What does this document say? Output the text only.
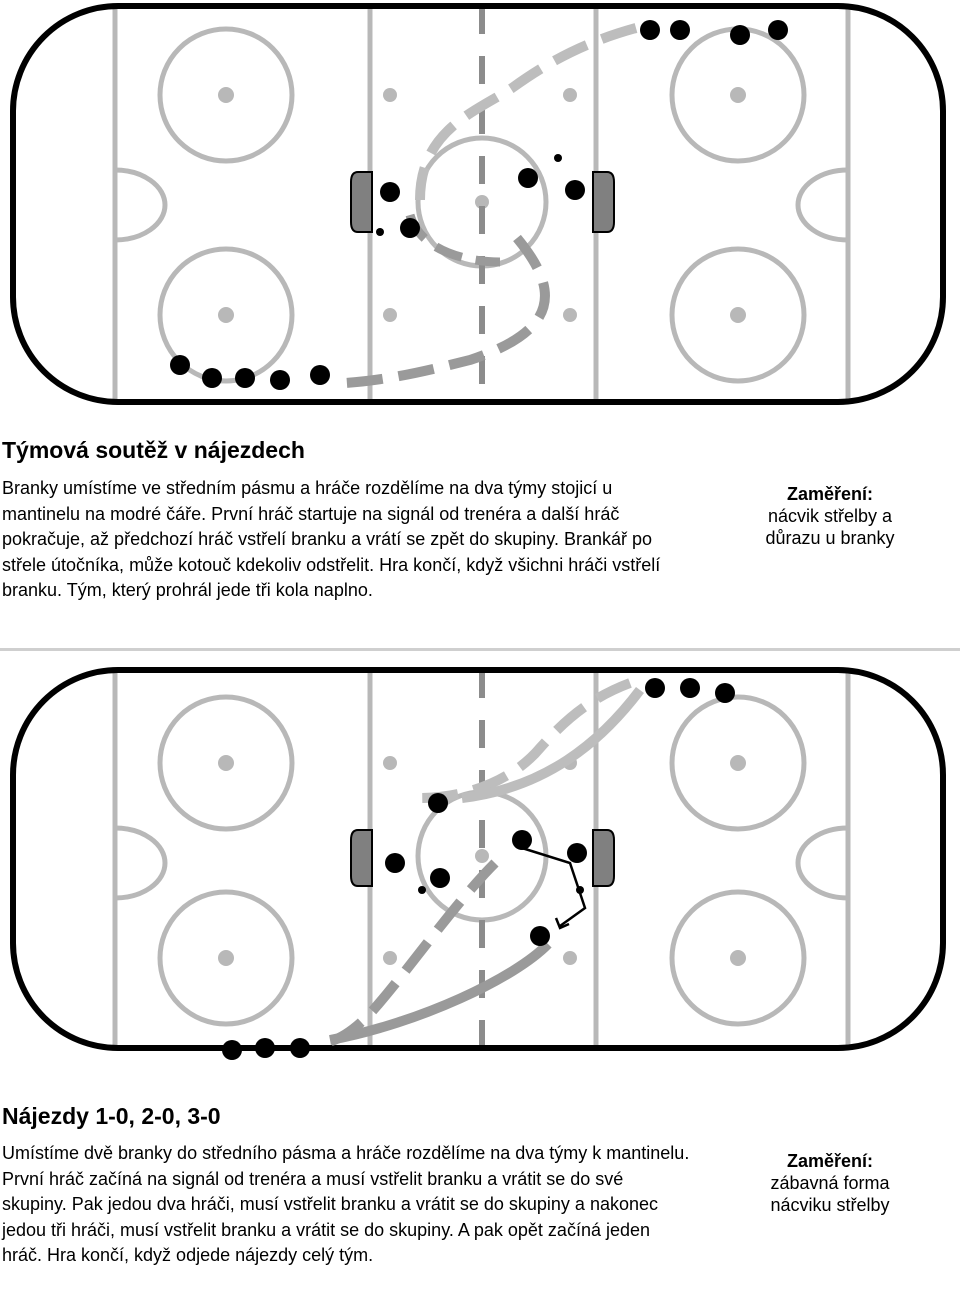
Týmová soutěž v nájezdech

Branky umístíme ve středním pásmu a hráče rozdělíme na dva týmy stojicí u mantinelu na modré čáře. První hráč startuje na signál od trenéra a další hráč pokračuje, až předchozí hráč vstřelí branku a vrátí se zpět do skupiny. Brankář po střele útočníka, může kotouč kdekoliv odstřelit. Hra končí, když všichni hráči vstřelí branku. Tým, který prohrál jede tři kola naplno.

Zaměření:
nácvik střelby a důrazu u branky
Nájezdy 1-0, 2-0, 3-0

Umístíme dvě branky do středního pásma a hráče rozdělíme na dva týmy k mantinelu. První hráč začíná na signál od trenéra a musí vstřelit branku a vrátit se do své skupiny. Pak jedou dva hráči, musí vstřelit branku a vrátit se do skupiny a nakonec jedou tři hráči, musí vstřelit branku a vrátit se do skupiny. A pak opět začíná jeden hráč. Hra končí, když odjede nájezdy celý tým.

Zaměření:
zábavná forma nácviku střelby
